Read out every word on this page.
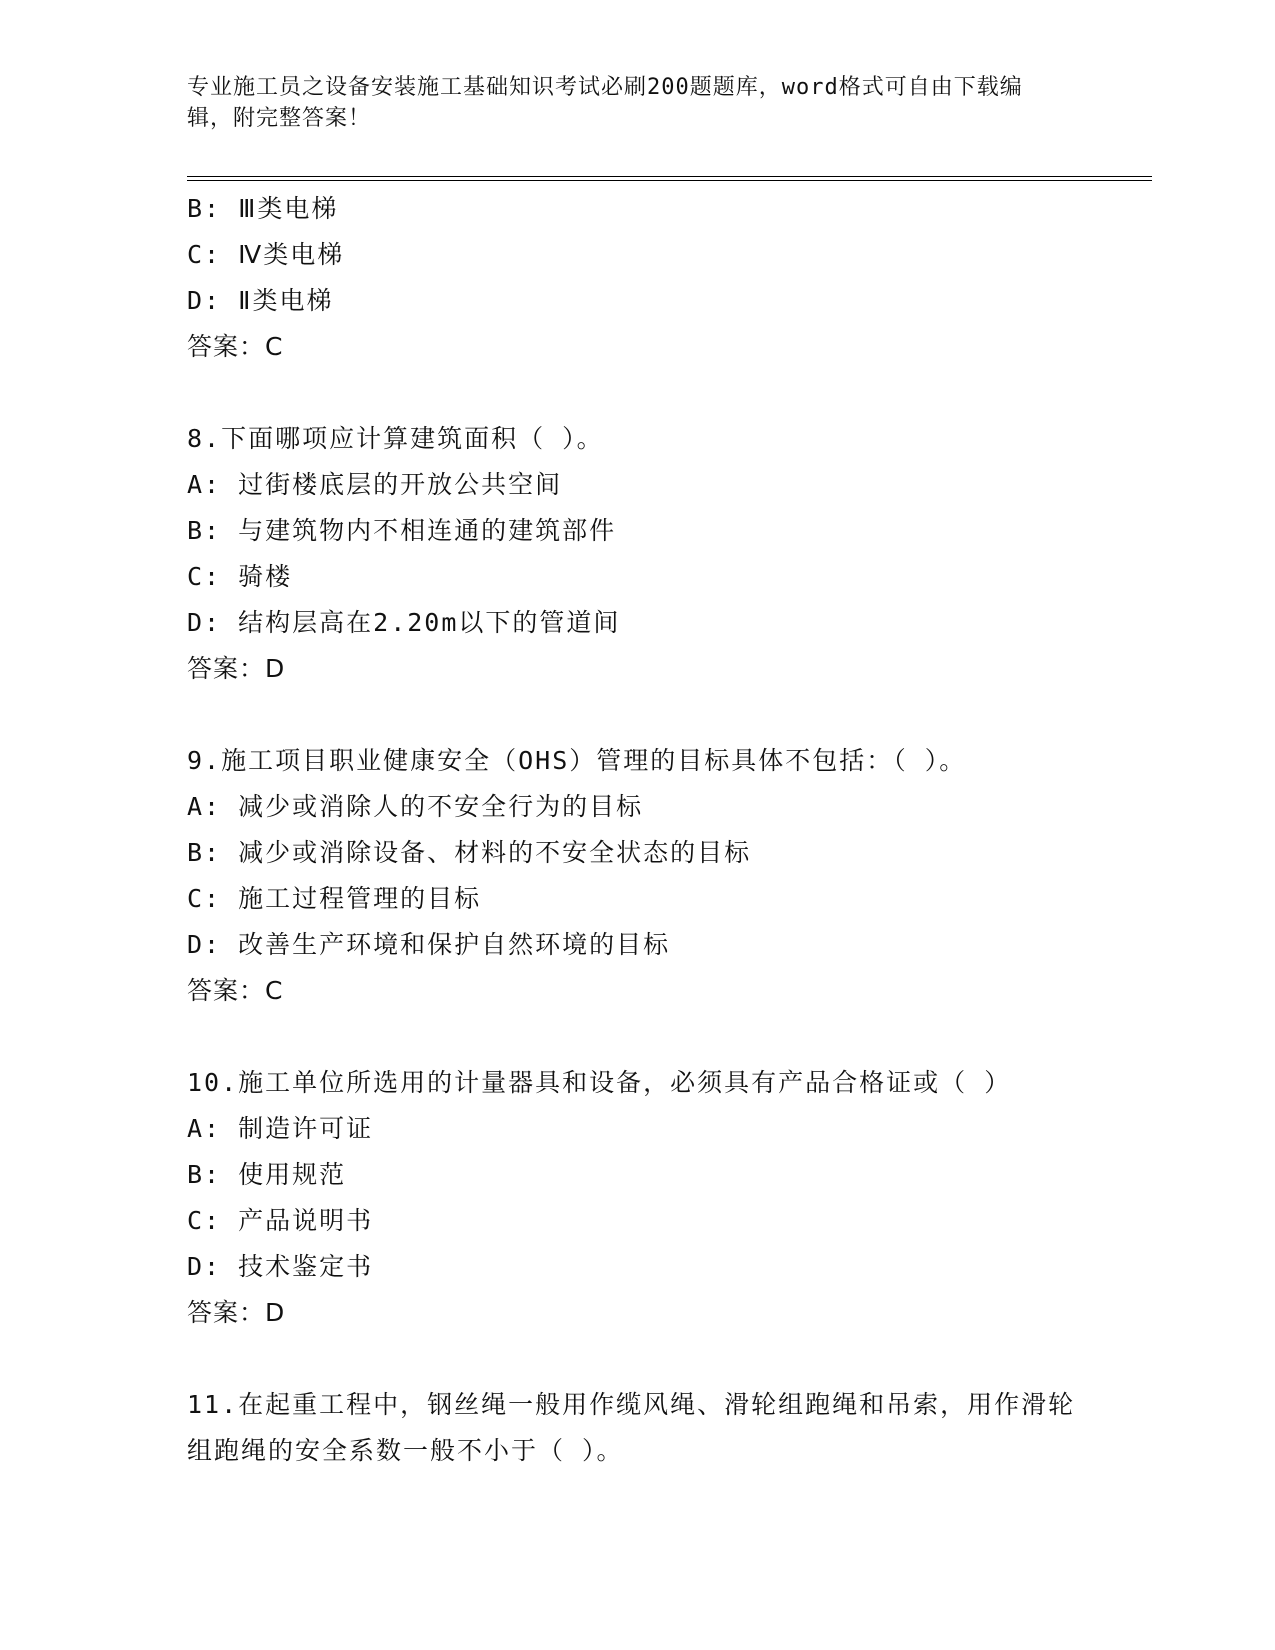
专业施工员之设备安装施工基础知识考试必刷200题题库，word格式可自由下载编辑，附完整答案！
B: Ⅲ类电梯
C: Ⅳ类电梯
D: Ⅱ类电梯
答案：C
8.下面哪项应计算建筑面积（ ）。
A: 过街楼底层的开放公共空间
B: 与建筑物内不相连通的建筑部件
C: 骑楼
D: 结构层高在2.20m以下的管道间
答案：D
9.施工项目职业健康安全（OHS）管理的目标具体不包括：（ ）。
A: 减少或消除人的不安全行为的目标
B: 减少或消除设备、材料的不安全状态的目标
C: 施工过程管理的目标
D: 改善生产环境和保护自然环境的目标
答案：C
10.施工单位所选用的计量器具和设备，必须具有产品合格证或（ ）
A: 制造许可证
B: 使用规范
C: 产品说明书
D: 技术鉴定书
答案：D
11.在起重工程中，钢丝绳一般用作缆风绳、滑轮组跑绳和吊索，用作滑轮组跑绳的安全系数一般不小于（ ）。
